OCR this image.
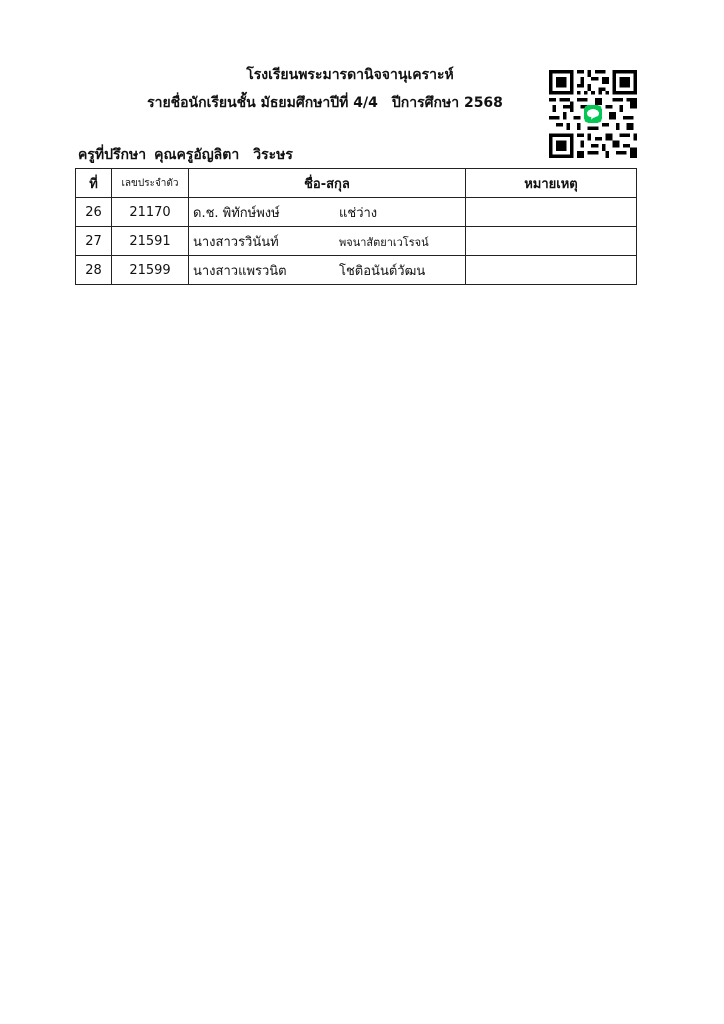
โรงเรียนพระมารดานิจจานุเคราะห์
รายชื่อนักเรียนชั้น มัธยมศึกษาปีที่ 4/4 ปีการศึกษา 2568
ครูที่ปรึกษา คุณครูอัญลิตา วิระษร
ที่	เลขประจำตัว	ชื่อ-สกุล	หมายเหตุ
26	21170	ด.ช. พิทักษ์พงษ์ แช่ว่าง	
27	21591	นางสาวรวินันท์ พจนาสัตยาเวโรจน์	
28	21599	นางสาวแพรวนิต โชติอนันต์วัฒน	
